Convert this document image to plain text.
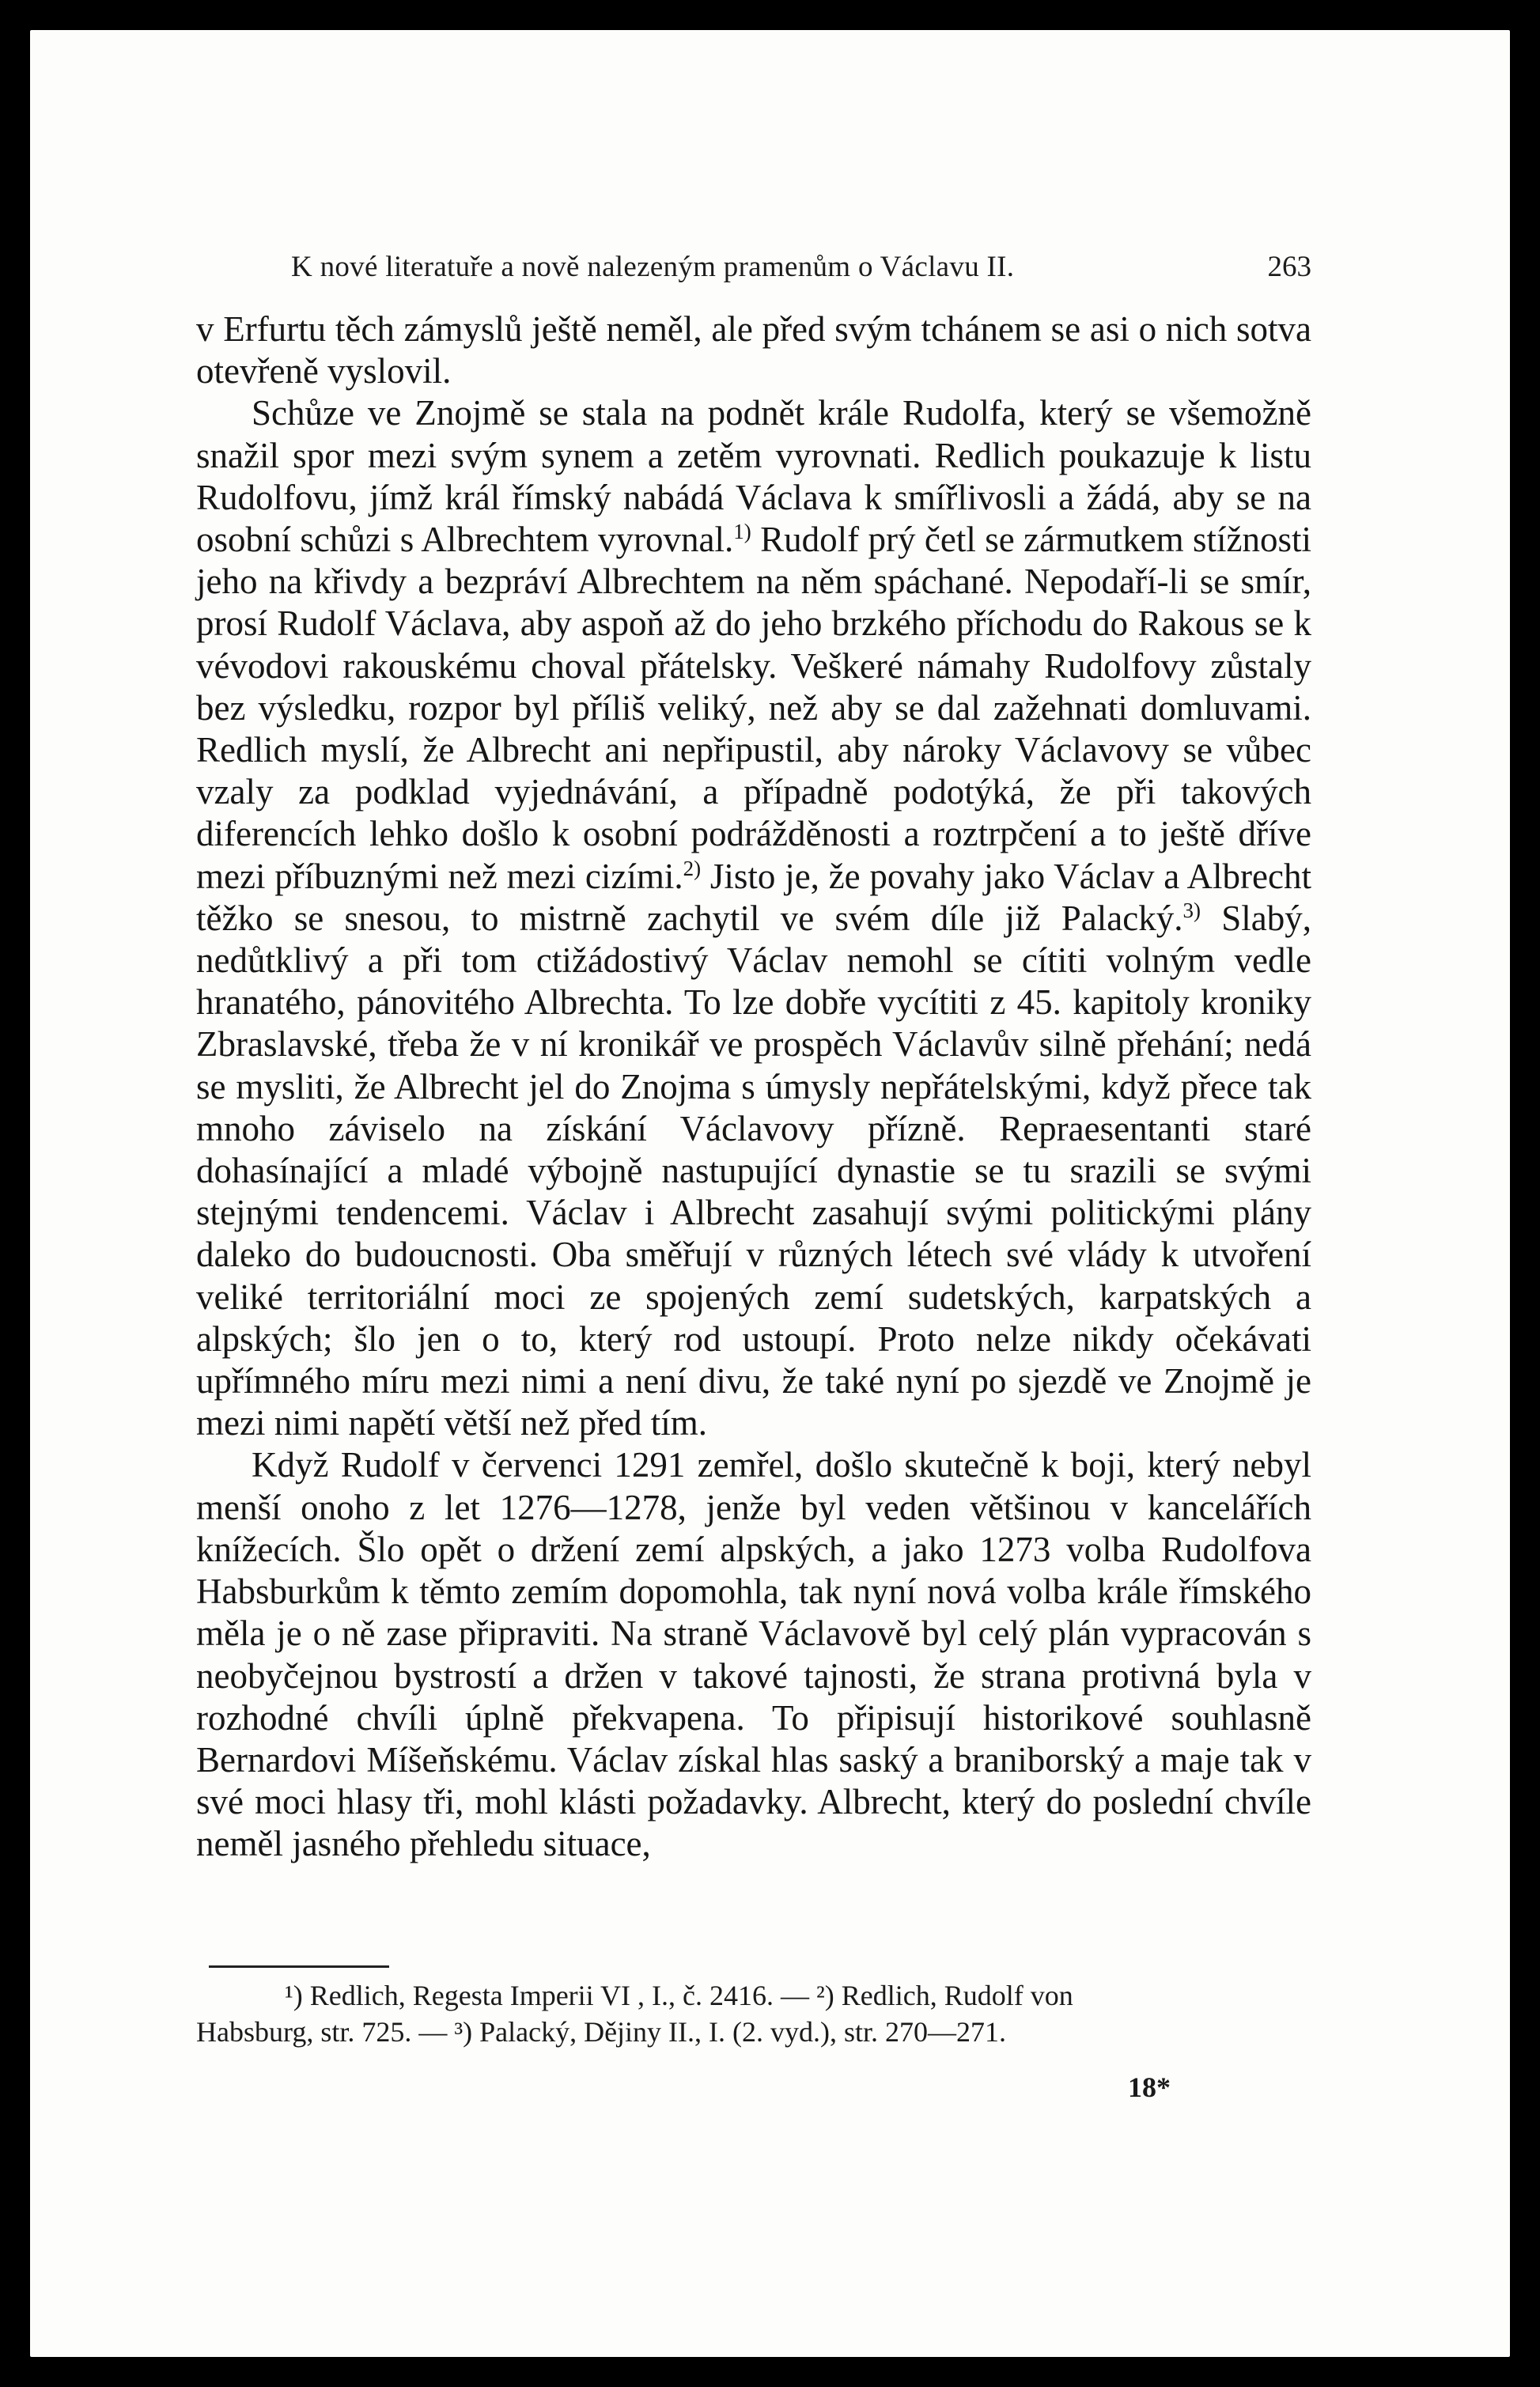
K nové literatuře a nově nalezeným pramenům o Václavu II.	263

v Erfurtu těch zámyslů ještě neměl, ale před svým tchánem se asi o nich sotva otevřeně vyslovil.

Schůze ve Znojmě se stala na podnět krále Rudolfa, který se všemožně snažil spor mezi svým synem a zetěm vyrovnati. Redlich poukazuje k listu Rudolfovu, jímž král římský nabádá Václava k smířlivosli a žádá, aby se na osobní schůzi s Albrechtem vyrovnal.$^{1)}$ Rudolf prý četl se zármutkem stížnosti jeho na křivdy a bezpráví Albrechtem na něm spáchané. Nepodaří-li se smír, prosí Rudolf Václava, aby aspoň až do jeho brzkého příchodu do Rakous se k vévodovi rakouskému choval přátelsky. Veškeré námahy Rudolfovy zůstaly bez výsledku, rozpor byl příliš veliký, než aby se dal zažehnati domluvami. Redlich myslí, že Albrecht ani nepřipustil, aby nároky Václavovy se vůbec vzaly za podklad vyjednávání, a případně podotýká, že při takových diferencích lehko došlo k osobní podrážděnosti a roztrpčení a to ještě dříve mezi příbuznými než mezi cizími.$^{2)}$ Jisto je, že povahy jako Václav a Albrecht těžko se snesou, to mistrně zachytil ve svém díle již Palacký.$^{3)}$ Slabý, nedůtklivý a při tom ctižádostivý Václav nemohl se cítiti volným vedle hranatého, pánovitého Albrechta. To lze dobře vycítiti z 45. kapitoly kroniky Zbraslavské, třeba že v ní kronikář ve prospěch Václavův silně přehání; nedá se mysliti, že Albrecht jel do Znojma s úmysly nepřátelskými, když přece tak mnoho záviselo na získání Václavovy přízně. Repraesentanti staré dohasínající a mladé výbojně nastupující dynastie se tu srazili se svými stejnými tendencemi. Václav i Albrecht zasahují svými politickými plány daleko do budoucnosti. Oba směřují v různých létech své vlády k utvoření veliké territoriální moci ze spojených zemí sudetských, karpatských a alpských; šlo jen o to, který rod ustoupí. Proto nelze nikdy očekávati upřímného míru mezi nimi a není divu, že také nyní po sjezdě ve Znojmě je mezi nimi napětí větší než před tím.

Když Rudolf v červenci 1291 zemřel, došlo skutečně k boji, který nebyl menší onoho z let 1276—1278, jenže byl veden většinou v kancelářích knížecích. Šlo opět o držení zemí alpských, a jako 1273 volba Rudolfova Habsburkům k těmto zemím dopomohla, tak nyní nová volba krále římského měla je o ně zase připraviti. Na straně Václavově byl celý plán vypracován s neobyčejnou bystrostí a držen v takové tajnosti, že strana protivná byla v rozhodné chvíli úplně překvapena. To připisují historikové souhlasně Bernardovi Míšeňskému. Václav získal hlas saský a braniborský a maje tak v své moci hlasy tři, mohl klásti požadavky. Albrecht, který do poslední chvíle neměl jasného přehledu situace,

¹) Redlich, Regesta Imperii VI , I., č. 2416. — ²) Redlich, Rudolf von
Habsburg, str. 725. — ³) Palacký, Dějiny II., I. (2. vyd.), str. 270—271.
18*
